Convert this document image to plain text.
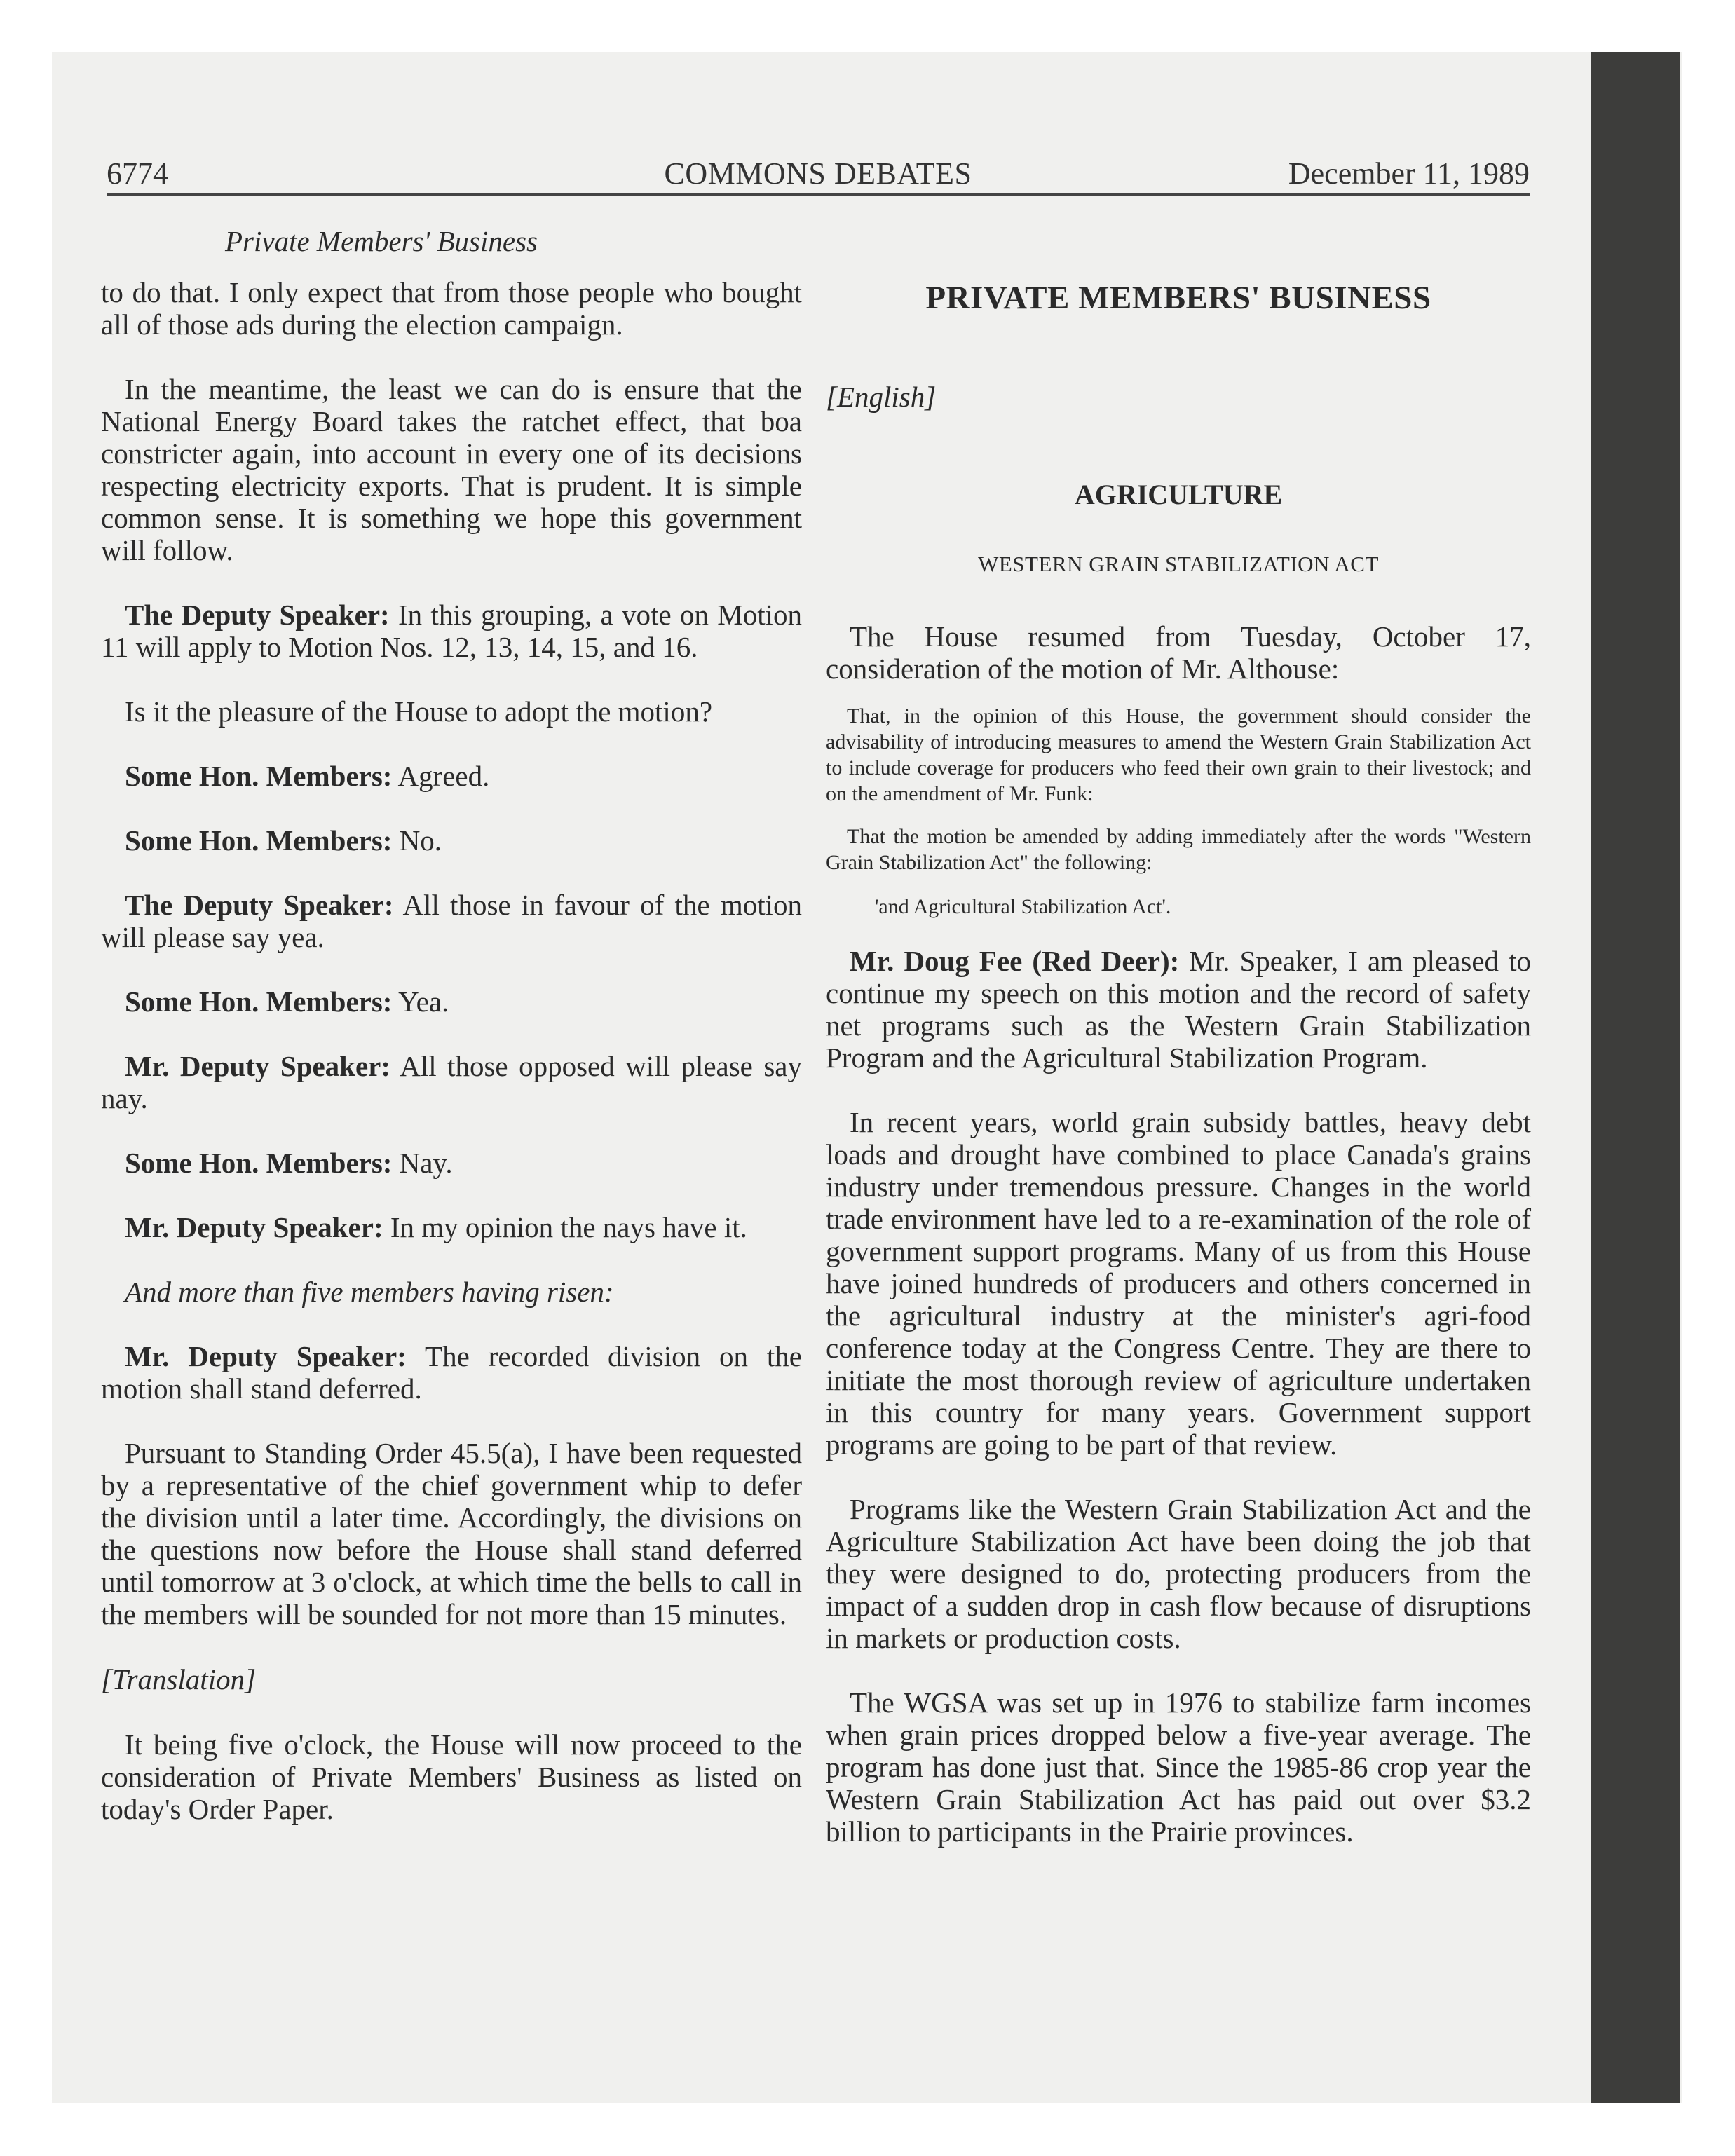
6774	COMMONS DEBATES	December 11, 1989

Private Members' Business

to do that. I only expect that from those people who bought all of those ads during the election campaign.

In the meantime, the least we can do is ensure that the National Energy Board takes the ratchet effect, that boa constricter again, into account in every one of its decisions respecting electricity exports. That is prudent. It is simple common sense. It is something we hope this government will follow.

The Deputy Speaker: In this grouping, a vote on Motion 11 will apply to Motion Nos. 12, 13, 14, 15, and 16.

Is it the pleasure of the House to adopt the motion?

Some Hon. Members: Agreed.

Some Hon. Members: No.

The Deputy Speaker: All those in favour of the motion will please say yea.

Some Hon. Members: Yea.

Mr. Deputy Speaker: All those opposed will please say nay.

Some Hon. Members: Nay.

Mr. Deputy Speaker: In my opinion the nays have it.

And more than five members having risen:

Mr. Deputy Speaker: The recorded division on the motion shall stand deferred.

Pursuant to Standing Order 45.5(a), I have been requested by a representative of the chief government whip to defer the division until a later time. Accordingly, the divisions on the questions now before the House shall stand deferred until tomorrow at 3 o'clock, at which time the bells to call in the members will be sounded for not more than 15 minutes.

[Translation]

It being five o'clock, the House will now proceed to the consideration of Private Members' Business as listed on today's Order Paper.

PRIVATE MEMBERS' BUSINESS

[English]

AGRICULTURE

WESTERN GRAIN STABILIZATION ACT

The House resumed from Tuesday, October 17, consideration of the motion of Mr. Althouse:

That, in the opinion of this House, the government should consider the advisability of introducing measures to amend the Western Grain Stabilization Act to include coverage for producers who feed their own grain to their livestock; and on the amendment of Mr. Funk:

That the motion be amended by adding immediately after the words "Western Grain Stabilization Act" the following:

'and Agricultural Stabilization Act'.

Mr. Doug Fee (Red Deer): Mr. Speaker, I am pleased to continue my speech on this motion and the record of safety net programs such as the Western Grain Stabilization Program and the Agricultural Stabilization Program.

In recent years, world grain subsidy battles, heavy debt loads and drought have combined to place Canada's grains industry under tremendous pressure. Changes in the world trade environment have led to a re-examination of the role of government support programs. Many of us from this House have joined hundreds of producers and others concerned in the agricultural industry at the minister's agri-food conference today at the Congress Centre. They are there to initiate the most thorough review of agriculture undertaken in this country for many years. Government support programs are going to be part of that review.

Programs like the Western Grain Stabilization Act and the Agriculture Stabilization Act have been doing the job that they were designed to do, protecting producers from the impact of a sudden drop in cash flow because of disruptions in markets or production costs.

The WGSA was set up in 1976 to stabilize farm incomes when grain prices dropped below a five-year average. The program has done just that. Since the 1985-86 crop year the Western Grain Stabilization Act has paid out over $3.2 billion to participants in the Prairie provinces.
